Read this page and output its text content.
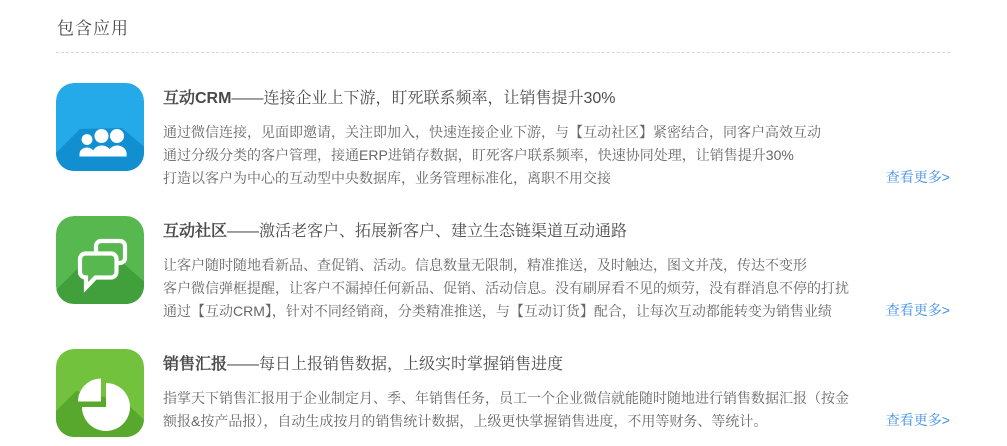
包含应用
互动CRM——连接企业上下游，盯死联系频率，让销售提升30%
通过微信连接，见面即邀请，关注即加入，快速连接企业下游，与【互动社区】紧密结合，同客户高效互动
通过分级分类的客户管理，接通ERP进销存数据，盯死客户联系频率，快速协同处理，让销售提升30%
打造以客户为中心的互动型中央数据库，业务管理标准化，离职不用交接	查看更多>
互动社区——激活老客户、拓展新客户、建立生态链渠道互动通路
让客户随时随地看新品、查促销、活动。信息数量无限制，精准推送，及时触达，图文并茂，传达不变形
客户微信弹框提醒，让客户不漏掉任何新品、促销、活动信息。没有刷屏看不见的烦劳，没有群消息不停的打扰
通过【互动CRM】，针对不同经销商，分类精准推送，与【互动订货】配合，让每次互动都能转变为销售业绩	查看更多>
销售汇报——每日上报销售数据，上级实时掌握销售进度
指掌天下销售汇报用于企业制定月、季、年销售任务，员工一个企业微信就能随时随地进行销售数据汇报（按金
额报&按产品报），自动生成按月的销售统计数据，上级更快掌握销售进度，不用等财务、等统计。	查看更多>
